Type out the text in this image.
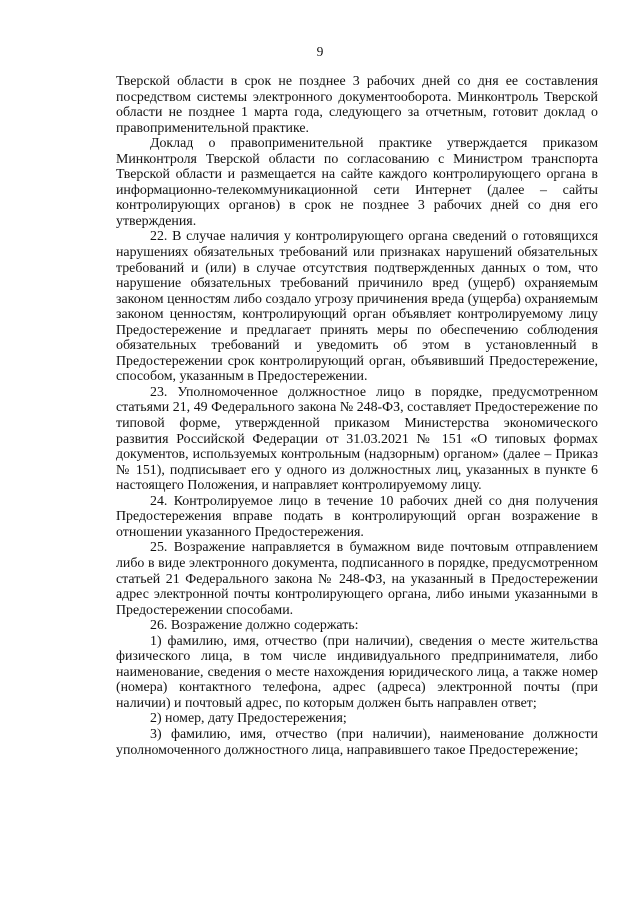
9

Тверской области в срок не позднее 3 рабочих дней со дня ее составления посредством системы электронного документооборота. Минконтроль Тверской области не позднее 1 марта года, следующего за отчетным, готовит доклад о правоприменительной практике.

Доклад о правоприменительной практике утверждается приказом Минконтроля Тверской области по согласованию с Министром транспорта Тверской области и размещается на сайте каждого контролирующего органа в информационно-телекоммуникационной сети Интернет (далее – сайты контролирующих органов) в срок не позднее 3 рабочих дней со дня его утверждения.

22. В случае наличия у контролирующего органа сведений о готовящихся нарушениях обязательных требований или признаках нарушений обязательных требований и (или) в случае отсутствия подтвержденных данных о том, что нарушение обязательных требований причинило вред (ущерб) охраняемым законом ценностям либо создало угрозу причинения вреда (ущерба) охраняемым законом ценностям, контролирующий орган объявляет контролируемому лицу Предостережение и предлагает принять меры по обеспечению соблюдения обязательных требований и уведомить об этом в установленный в Предостережении срок контролирующий орган, объявивший Предостережение, способом, указанным в Предостережении.

23. Уполномоченное должностное лицо в порядке, предусмотренном статьями 21, 49 Федерального закона № 248-ФЗ, составляет Предостережение по типовой форме, утвержденной приказом Министерства экономического развития Российской Федерации от 31.03.2021 № 151 «О типовых формах документов, используемых контрольным (надзорным) органом» (далее – Приказ № 151), подписывает его у одного из должностных лиц, указанных в пункте 6 настоящего Положения, и направляет контролируемому лицу.

24. Контролируемое лицо в течение 10 рабочих дней со дня получения Предостережения вправе подать в контролирующий орган возражение в отношении указанного Предостережения.

25. Возражение направляется в бумажном виде почтовым отправлением либо в виде электронного документа, подписанного в порядке, предусмотренном статьей 21 Федерального закона № 248-ФЗ, на указанный в Предостережении адрес электронной почты контролирующего органа, либо иными указанными в Предостережении способами.

26. Возражение должно содержать:

1) фамилию, имя, отчество (при наличии), сведения о месте жительства физического лица, в том числе индивидуального предпринимателя, либо наименование, сведения о месте нахождения юридического лица, а также номер (номера) контактного телефона, адрес (адреса) электронной почты (при наличии) и почтовый адрес, по которым должен быть направлен ответ;

2) номер, дату Предостережения;

3) фамилию, имя, отчество (при наличии), наименование должности уполномоченного должностного лица, направившего такое Предостережение;
